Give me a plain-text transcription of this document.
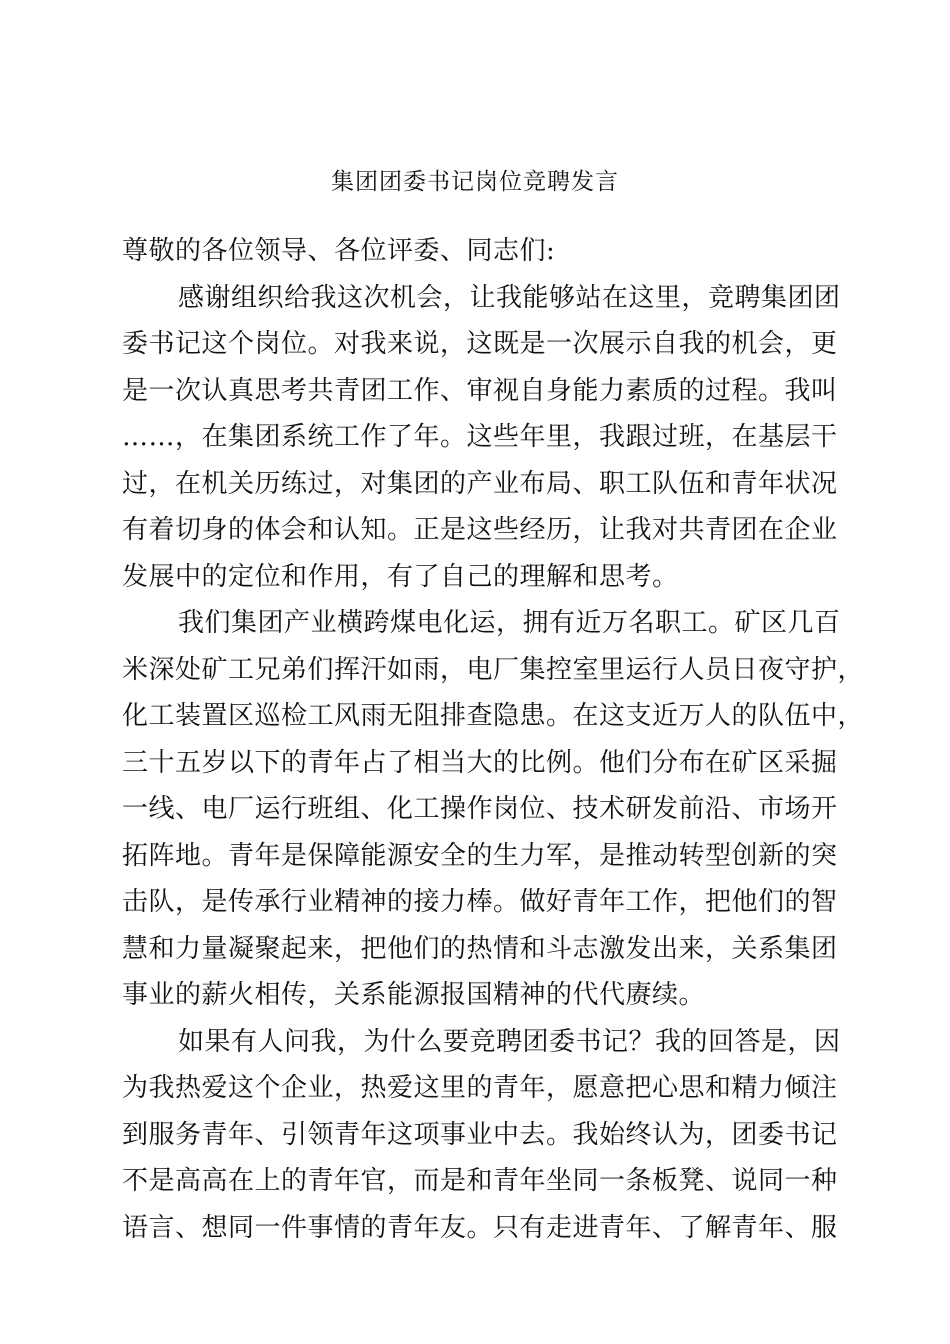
集团团委书记岗位竞聘发言
尊敬的各位领导、各位评委、同志们:
感谢组织给我这次机会，让我能够站在这里，竞聘集团团
委书记这个岗位。对我来说，这既是一次展示自我的机会，更
是一次认真思考共青团工作、审视自身能力素质的过程。我叫
……，在集团系统工作了年。这些年里，我跟过班，在基层干
过，在机关历练过，对集团的产业布局、职工队伍和青年状况
有着切身的体会和认知。正是这些经历，让我对共青团在企业
发展中的定位和作用，有了自己的理解和思考。
我们集团产业横跨煤电化运，拥有近万名职工。矿区几百
米深处矿工兄弟们挥汗如雨，电厂集控室里运行人员日夜守护，
化工装置区巡检工风雨无阻排查隐患。在这支近万人的队伍中，
三十五岁以下的青年占了相当大的比例。他们分布在矿区采掘
一线、电厂运行班组、化工操作岗位、技术研发前沿、市场开
拓阵地。青年是保障能源安全的生力军，是推动转型创新的突
击队，是传承行业精神的接力棒。做好青年工作，把他们的智
慧和力量凝聚起来，把他们的热情和斗志激发出来，关系集团
事业的薪火相传，关系能源报国精神的代代赓续。
如果有人问我，为什么要竞聘团委书记？我的回答是，因
为我热爱这个企业，热爱这里的青年，愿意把心思和精力倾注
到服务青年、引领青年这项事业中去。我始终认为，团委书记
不是高高在上的青年官，而是和青年坐同一条板凳、说同一种
语言、想同一件事情的青年友。只有走进青年、了解青年、服
